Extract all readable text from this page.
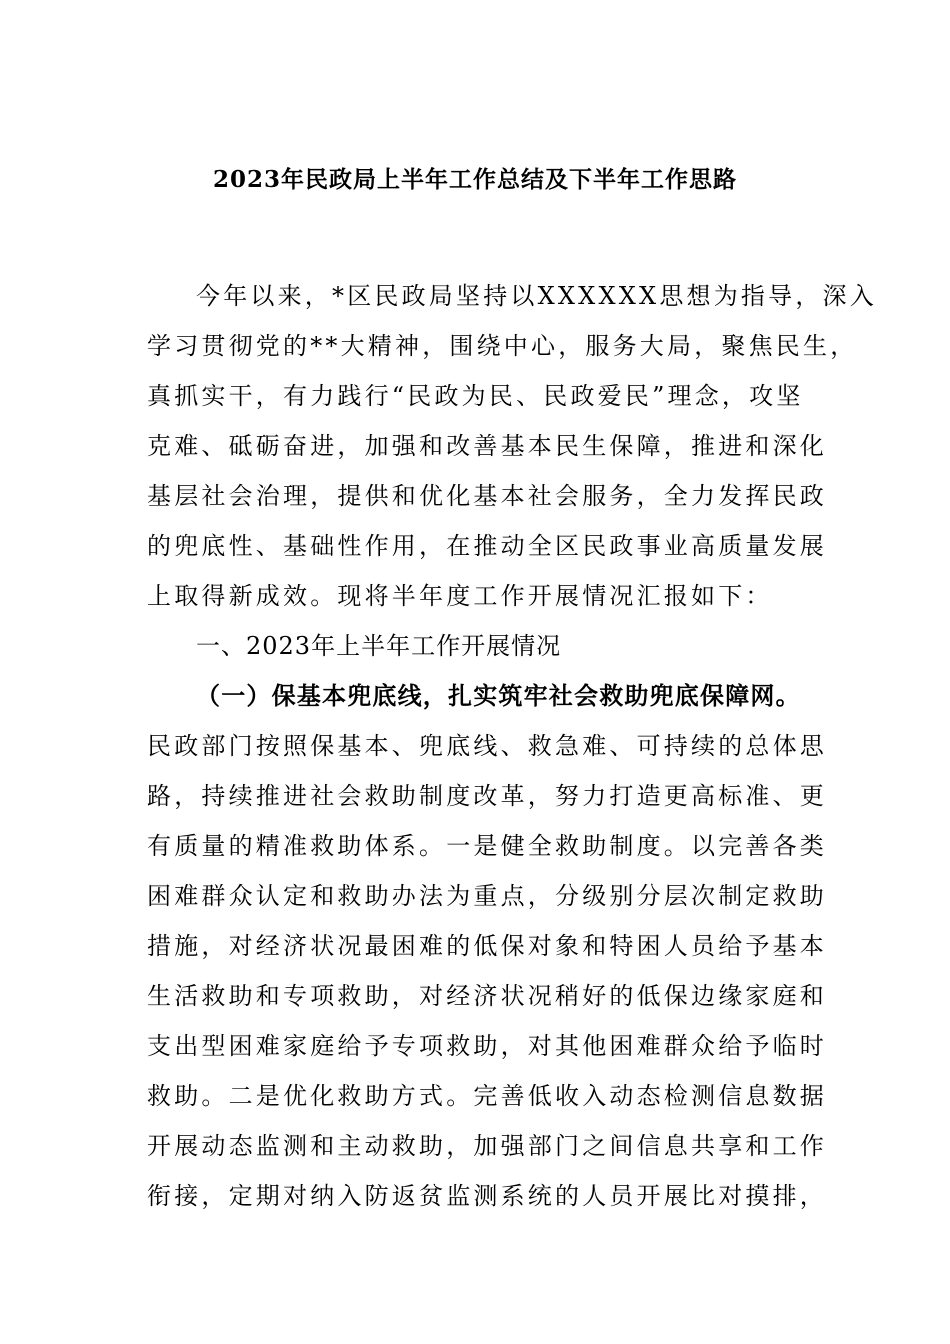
2023年民政局上半年工作总结及下半年工作思路
今年以来，*区民政局坚持以XXXXXX思想为指导，深入
学习贯彻党的**大精神，围绕中心，服务大局，聚焦民生，
真抓实干，有力践行“民政为民、民政爱民”理念，攻坚
克难、砥砺奋进，加强和改善基本民生保障，推进和深化
基层社会治理，提供和优化基本社会服务，全力发挥民政
的兜底性、基础性作用，在推动全区民政事业高质量发展
上取得新成效。现将半年度工作开展情况汇报如下：
一、2023年上半年工作开展情况
（一）保基本兜底线，扎实筑牢社会救助兜底保障网。
民政部门按照保基本、兜底线、救急难、可持续的总体思
路，持续推进社会救助制度改革，努力打造更高标准、更
有质量的精准救助体系。一是健全救助制度。以完善各类
困难群众认定和救助办法为重点，分级别分层次制定救助
措施，对经济状况最困难的低保对象和特困人员给予基本
生活救助和专项救助，对经济状况稍好的低保边缘家庭和
支出型困难家庭给予专项救助，对其他困难群众给予临时
救助。二是优化救助方式。完善低收入动态检测信息数据
开展动态监测和主动救助，加强部门之间信息共享和工作
衔接，定期对纳入防返贫监测系统的人员开展比对摸排，
